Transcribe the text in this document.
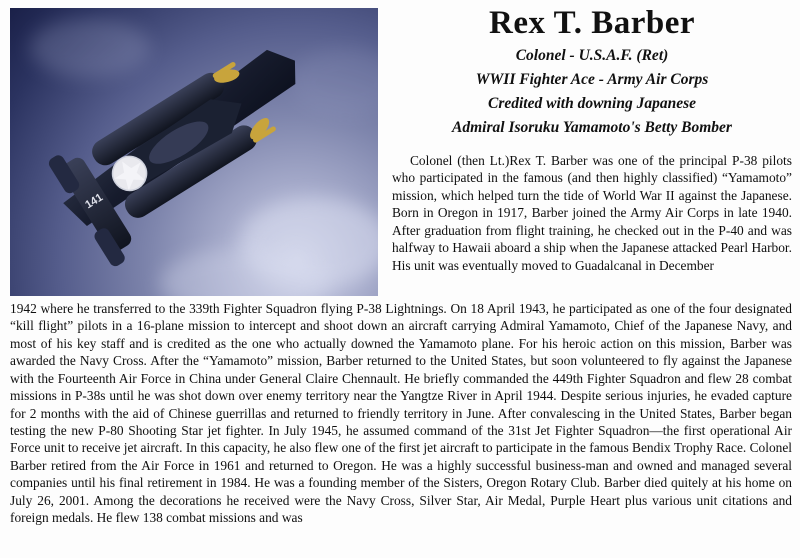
141
Rex T. Barber
Colonel - U.S.A.F. (Ret)
WWII Fighter Ace - Army Air Corps
Credited with downing Japanese
Admiral Isoruku Yamamoto's Betty Bomber

Colonel (then Lt.)Rex T. Barber was one of the principal P-38 pilots who participated in the famous (and then highly classified) “Yamamoto” mission, which helped turn the tide of World War II against the Japanese. Born in Oregon in 1917, Barber joined the Army Air Corps in late 1940. After graduation from flight training, he checked out in the P-40 and was halfway to Hawaii aboard a ship when the Japanese attacked Pearl Harbor. His unit was eventually moved to Guadalcanal in December

1942 where he transferred to the 339th Fighter Squadron flying P-38 Lightnings. On 18 April 1943, he participated as one of the four designated “kill flight” pilots in a 16-plane mission to intercept and shoot down an aircraft carrying Admiral Yamamoto, Chief of the Japanese Navy, and most of his key staff and is credited as the one who actually downed the Yamamoto plane. For his heroic action on this mission, Barber was awarded the Navy Cross. After the “Yamamoto” mission, Barber returned to the United States, but soon volunteered to fly against the Japanese with the Fourteenth Air Force in China under General Claire Chennault. He briefly commanded the 449th Fighter Squadron and flew 28 combat missions in P-38s until he was shot down over enemy territory near the Yangtze River in April 1944. Despite serious injuries, he evaded capture for 2 months with the aid of Chinese guerrillas and returned to friendly territory in June. After convalescing in the United States, Barber began testing the new P-80 Shooting Star jet fighter. In July 1945, he assumed command of the 31st Jet Fighter Squadron—the first operational Air Force unit to receive jet aircraft. In this capacity, he also flew one of the first jet aircraft to participate in the famous Bendix Trophy Race. Colonel Barber retired from the Air Force in 1961 and returned to Oregon. He was a highly successful business-man and owned and managed several companies until his final retirement in 1984. He was a founding member of the Sisters, Oregon Rotary Club. Barber died quitely at his home on July 26, 2001. Among the decorations he received were the Navy Cross, Silver Star, Air Medal, Purple Heart plus various unit citations and foreign medals. He flew 138 combat missions and was
